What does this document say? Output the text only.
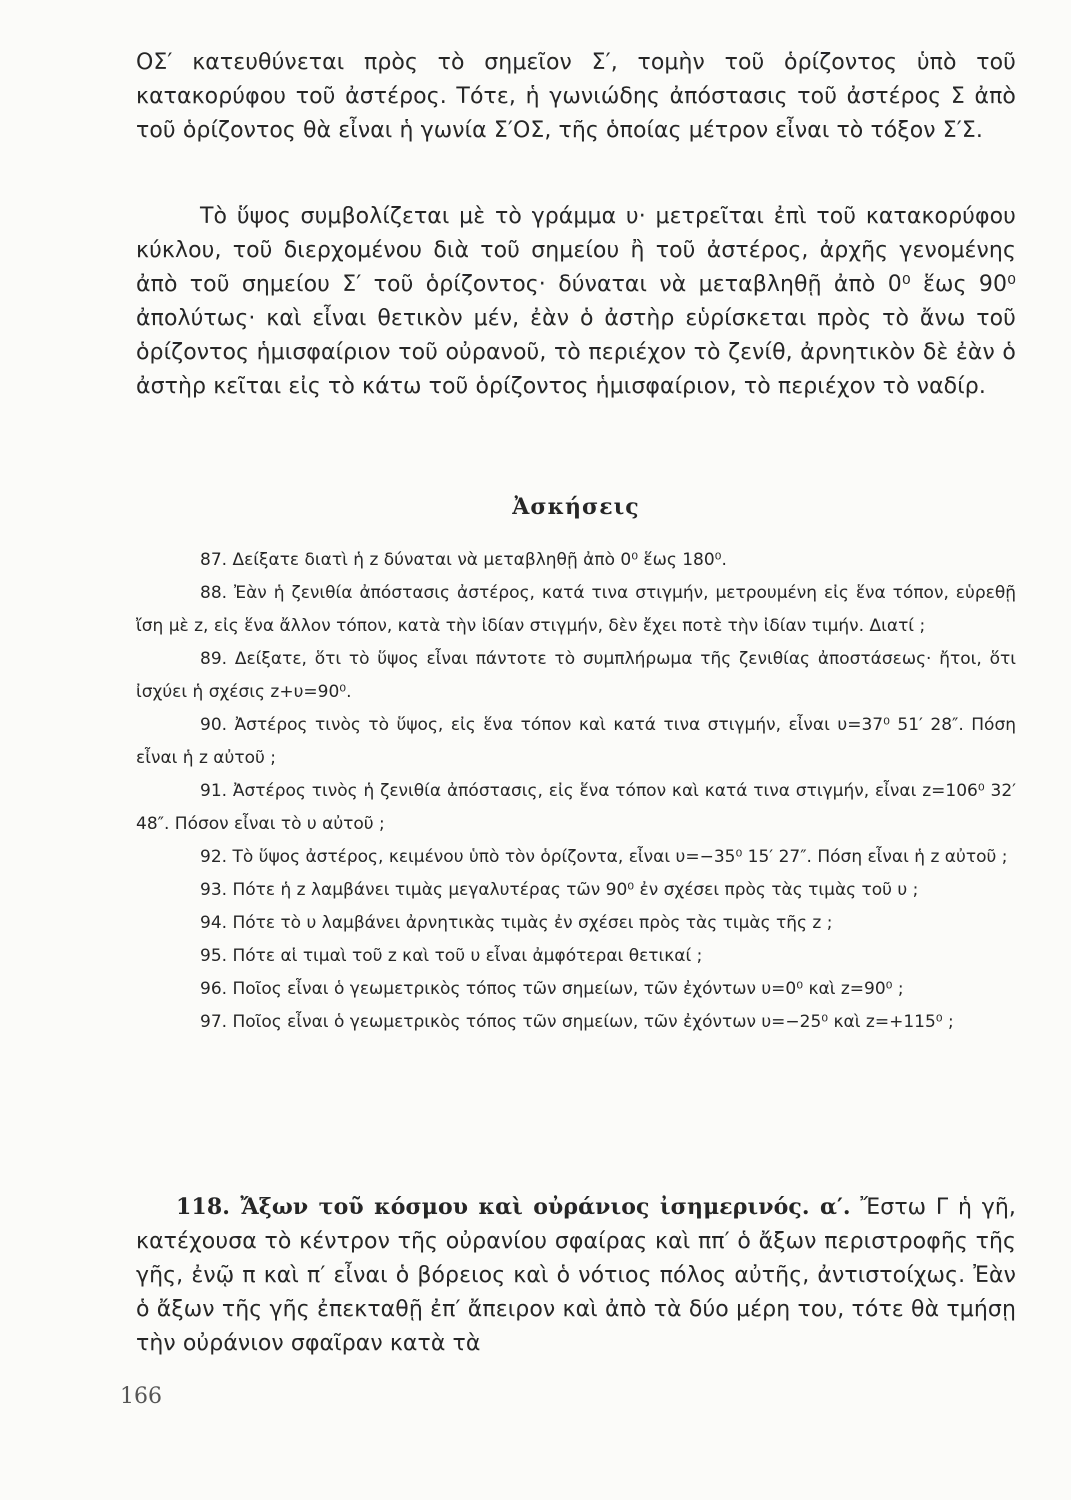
ΟΣ′ κατευθύνεται πρὸς τὸ σημεῖον Σ′, τομὴν τοῦ ὁρίζοντος ὑπὸ τοῦ κατακορύφου τοῦ ἀστέρος. Τότε, ἡ γωνιώδης ἀπόστασις τοῦ ἀστέρος Σ ἀπὸ τοῦ ὁρίζοντος θὰ εἶναι ἡ γωνία Σ′ΟΣ, τῆς ὁποίας μέτρον εἶναι τὸ τόξον Σ′Σ.

Τὸ ὕψος συμβολίζεται μὲ τὸ γράμμα υ· μετρεῖται ἐπὶ τοῦ κατακορύφου κύκλου, τοῦ διερχομένου διὰ τοῦ σημείου ἢ τοῦ ἀστέρος, ἀρχῆς γενομένης ἀπὸ τοῦ σημείου Σ′ τοῦ ὁρίζοντος· δύναται νὰ μεταβληθῇ ἀπὸ 0⁰ ἕως 90⁰ ἀπολύτως· καὶ εἶναι θετικὸν μέν, ἐὰν ὁ ἀστὴρ εὑρίσκεται πρὸς τὸ ἄνω τοῦ ὁρίζοντος ἡμισφαίριον τοῦ οὐρανοῦ, τὸ περιέχον τὸ ζενίθ, ἀρνητικὸν δὲ ἐὰν ὁ ἀστὴρ κεῖται εἰς τὸ κάτω τοῦ ὁρίζοντος ἡμισφαίριον, τὸ περιέχον τὸ ναδίρ.

Ἀσκήσεις

87. Δείξατε διατὶ ἡ z δύναται νὰ μεταβληθῇ ἀπὸ 0⁰ ἕως 180⁰.

88. Ἐὰν ἡ ζενιθία ἀπόστασις ἀστέρος, κατά τινα στιγμήν, μετρουμένη εἰς ἕνα τόπον, εὑρεθῇ ἴση μὲ z, εἰς ἕνα ἄλλον τόπον, κατὰ τὴν ἰδίαν στιγμήν, δὲν ἔχει ποτὲ τὴν ἰδίαν τιμήν. Διατί ;

89. Δείξατε, ὅτι τὸ ὕψος εἶναι πάντοτε τὸ συμπλήρωμα τῆς ζενιθίας ἀποστάσεως· ἤτοι, ὅτι ἰσχύει ἡ σχέσις z+υ=90⁰.

90. Ἀστέρος τινὸς τὸ ὕψος, εἰς ἕνα τόπον καὶ κατά τινα στιγμήν, εἶναι υ=37⁰ 51′ 28″. Πόση εἶναι ἡ z αὐτοῦ ;

91. Ἀστέρος τινὸς ἡ ζενιθία ἀπόστασις, εἰς ἕνα τόπον καὶ κατά τινα στιγμήν, εἶναι z=106⁰ 32′ 48″. Πόσον εἶναι τὸ υ αὐτοῦ ;

92. Τὸ ὕψος ἀστέρος, κειμένου ὑπὸ τὸν ὁρίζοντα, εἶναι υ=−35⁰ 15′ 27″. Πόση εἶναι ἡ z αὐτοῦ ;

93. Πότε ἡ z λαμβάνει τιμὰς μεγαλυτέρας τῶν 90⁰ ἐν σχέσει πρὸς τὰς τιμὰς τοῦ υ ;

94. Πότε τὸ υ λαμβάνει ἀρνητικὰς τιμὰς ἐν σχέσει πρὸς τὰς τιμὰς τῆς z ;

95. Πότε αἱ τιμαὶ τοῦ z καὶ τοῦ υ εἶναι ἀμφότεραι θετικαί ;

96. Ποῖος εἶναι ὁ γεωμετρικὸς τόπος τῶν σημείων, τῶν ἐχόντων υ=0⁰ καὶ z=90⁰ ;

97. Ποῖος εἶναι ὁ γεωμετρικὸς τόπος τῶν σημείων, τῶν ἐχόντων υ=−25⁰ καὶ z=+115⁰ ;

118. Ἄξων τοῦ κόσμου καὶ οὐράνιος ἰσημερινός. α′. Ἔστω Γ ἡ γῆ, κατέχουσα τὸ κέντρον τῆς οὐρανίου σφαίρας καὶ ππ′ ὁ ἄξων περιστροφῆς τῆς γῆς, ἐνῷ π καὶ π′ εἶναι ὁ βόρειος καὶ ὁ νότιος πόλος αὐτῆς, ἀντιστοίχως. Ἐὰν ὁ ἄξων τῆς γῆς ἐπεκταθῇ ἐπ′ ἄπειρον καὶ ἀπὸ τὰ δύο μέρη του, τότε θὰ τμήσῃ τὴν οὐράνιον σφαῖραν κατὰ τὰ

166
